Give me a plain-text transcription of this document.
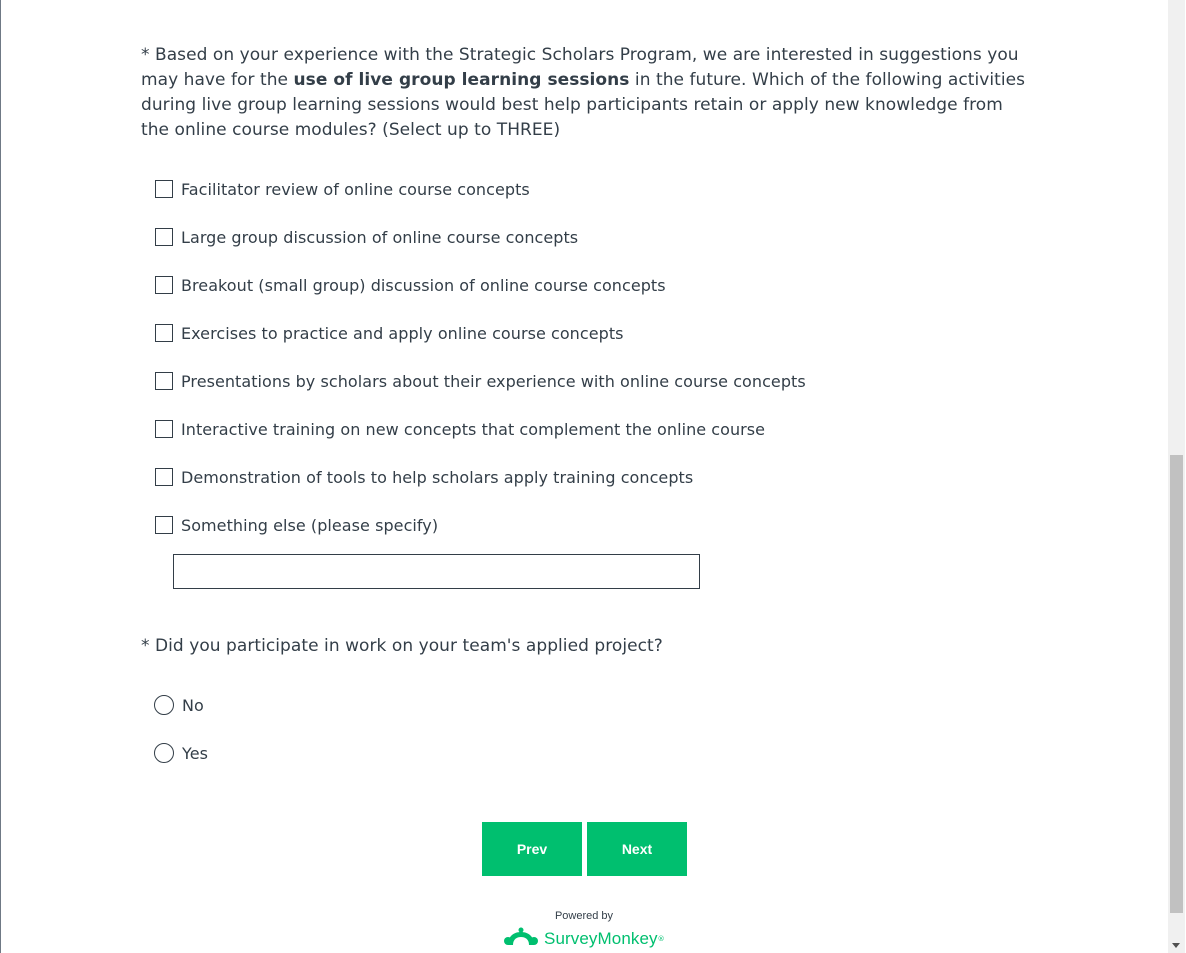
* Based on your experience with the Strategic Scholars Program, we are interested in suggestions you may have for the use of live group learning sessions in the future. Which of the following activities during live group learning sessions would best help participants retain or apply new knowledge from the online course modules? (Select up to THREE)

Facilitator review of online course concepts
Large group discussion of online course concepts
Breakout (small group) discussion of online course concepts
Exercises to practice and apply online course concepts
Presentations by scholars about their experience with online course concepts
Interactive training on new concepts that complement the online course
Demonstration of tools to help scholars apply training concepts
Something else (please specify)

* Did you participate in work on your team's applied project?

No
Yes
Prev	Next
Powered by
SurveyMonkey ®
